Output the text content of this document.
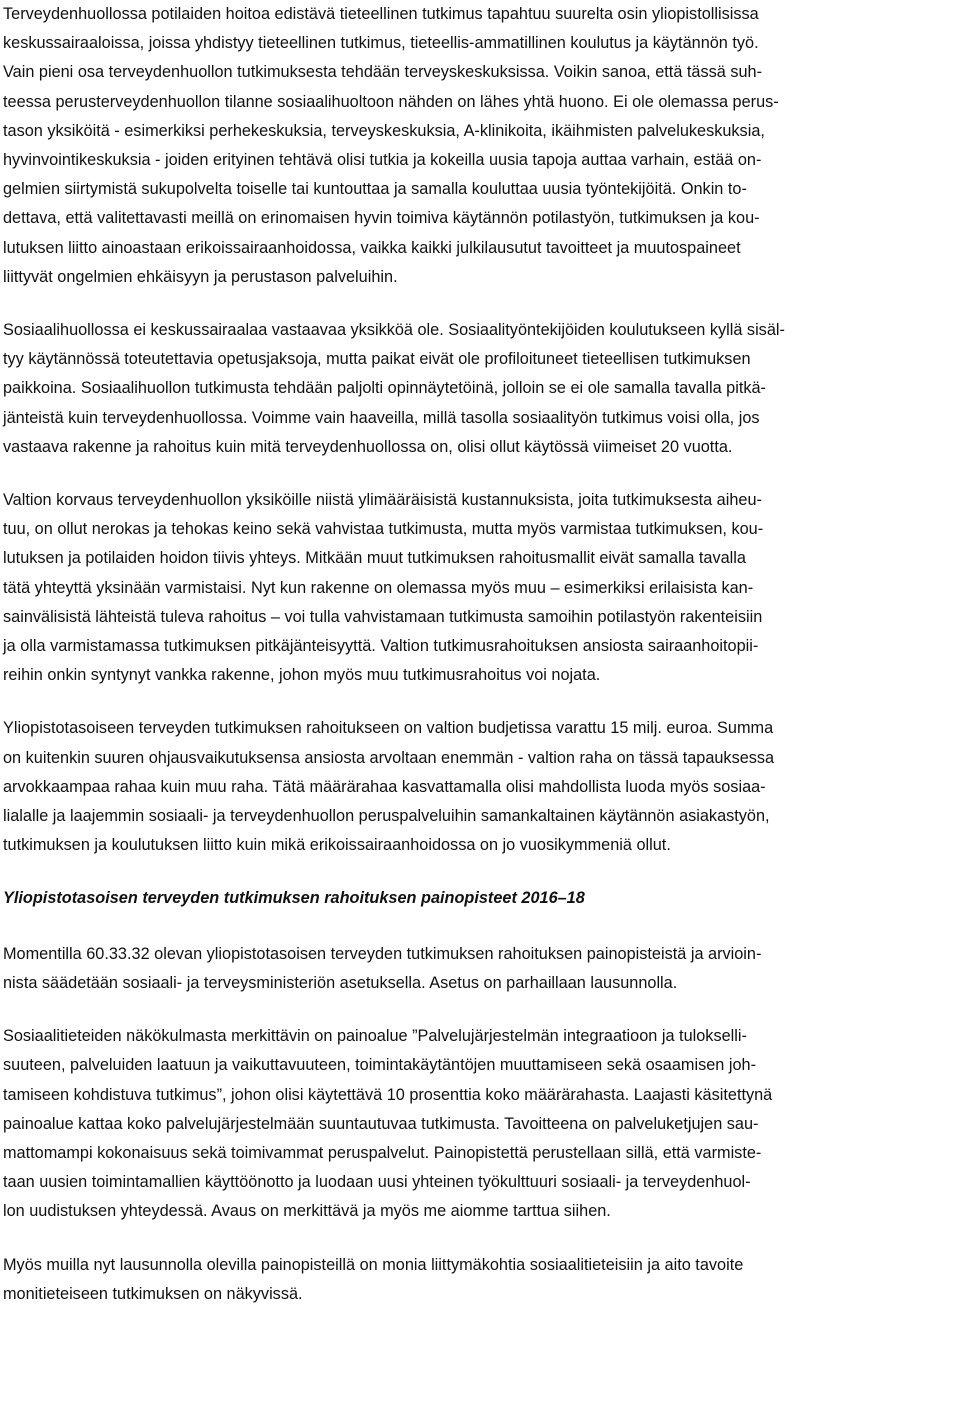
Terveydenhuollossa potilaiden hoitoa edistävä tieteellinen tutkimus tapahtuu suurelta osin yliopistollisissa
keskussairaaloissa, joissa yhdistyy tieteellinen tutkimus, tieteellis-ammatillinen koulutus ja käytännön työ.
Vain pieni osa terveydenhuollon tutkimuksesta tehdään terveyskeskuksissa. Voikin sanoa, että tässä suh-
teessa perusterveydenhuollon tilanne sosiaalihuoltoon nähden on lähes yhtä huono. Ei ole olemassa perus-
tason yksiköitä - esimerkiksi perhekeskuksia, terveyskeskuksia, A-klinikoita, ikäihmisten palvelukeskuksia,
hyvinvointikeskuksia - joiden erityinen tehtävä olisi tutkia ja kokeilla uusia tapoja auttaa varhain, estää on-
gelmien siirtymistä sukupolvelta toiselle tai kuntouttaa ja samalla kouluttaa uusia työntekijöitä. Onkin to-
dettava, että valitettavasti meillä on erinomaisen hyvin toimiva käytännön potilastyön, tutkimuksen ja kou-
lutuksen liitto ainoastaan erikoissairaanhoidossa, vaikka kaikki julkilausutut tavoitteet ja muutospaineet
liittyvät ongelmien ehkäisyyn ja perustason palveluihin.
Sosiaalihuollossa ei keskussairaalaa vastaavaa yksikköä ole. Sosiaalityöntekijöiden koulutukseen kyllä sisäl-
tyy käytännössä toteutettavia opetusjaksoja, mutta paikat eivät ole profiloituneet tieteellisen tutkimuksen
paikkoina. Sosiaalihuollon tutkimusta tehdään paljolti opinnäytetöinä, jolloin se ei ole samalla tavalla pitkä-
jänteistä kuin terveydenhuollossa. Voimme vain haaveilla, millä tasolla sosiaalityön tutkimus voisi olla, jos
vastaava rakenne ja rahoitus kuin mitä terveydenhuollossa on, olisi ollut käytössä viimeiset 20 vuotta.
Valtion korvaus terveydenhuollon yksiköille niistä ylimääräisistä kustannuksista, joita tutkimuksesta aiheu-
tuu, on ollut nerokas ja tehokas keino sekä vahvistaa tutkimusta, mutta myös varmistaa tutkimuksen, kou-
lutuksen ja potilaiden hoidon tiivis yhteys. Mitkään muut tutkimuksen rahoitusmallit eivät samalla tavalla
tätä yhteyttä yksinään varmistaisi. Nyt kun rakenne on olemassa myös muu – esimerkiksi erilaisista kan-
sainvälisistä lähteistä tuleva rahoitus – voi tulla vahvistamaan tutkimusta samoihin potilastyön rakenteisiin
ja olla varmistamassa tutkimuksen pitkäjänteisyyttä. Valtion tutkimusrahoituksen ansiosta sairaanhoitopii-
reihin onkin syntynyt vankka rakenne, johon myös muu tutkimusrahoitus voi nojata.
Yliopistotasoiseen terveyden tutkimuksen rahoitukseen on valtion budjetissa varattu 15 milj. euroa. Summa
on kuitenkin suuren ohjausvaikutuksensa ansiosta arvoltaan enemmän - valtion raha on tässä tapauksessa
arvokkaampaa rahaa kuin muu raha. Tätä määrärahaa kasvattamalla olisi mahdollista luoda myös sosiaa-
lialalle ja laajemmin sosiaali- ja terveydenhuollon peruspalveluihin samankaltainen käytännön asiakastyön,
tutkimuksen ja koulutuksen liitto kuin mikä erikoissairaanhoidossa on jo vuosikymmeniä ollut.
Yliopistotasoisen terveyden tutkimuksen rahoituksen painopisteet 2016–18
Momentilla 60.33.32 olevan yliopistotasoisen terveyden tutkimuksen rahoituksen painopisteistä ja arvioin-
nista säädetään sosiaali- ja terveysministeriön asetuksella. Asetus on parhaillaan lausunnolla.
Sosiaalitieteiden näkökulmasta merkittävin on painoalue ”Palvelujärjestelmän integraatioon ja tulokselli-
suuteen, palveluiden laatuun ja vaikuttavuuteen, toimintakäytäntöjen muuttamiseen sekä osaamisen joh-
tamiseen kohdistuva tutkimus”, johon olisi käytettävä 10 prosenttia koko määrärahasta. Laajasti käsitettynä
painoalue kattaa koko palvelujärjestelmään suuntautuvaa tutkimusta. Tavoitteena on palveluketjujen sau-
mattomampi kokonaisuus sekä toimivammat peruspalvelut. Painopistettä perustellaan sillä, että varmiste-
taan uusien toimintamallien käyttöönotto ja luodaan uusi yhteinen työkulttuuri sosiaali- ja terveydenhuol-
lon uudistuksen yhteydessä. Avaus on merkittävä ja myös me aiomme tarttua siihen.
Myös muilla nyt lausunnolla olevilla painopisteillä on monia liittymäkohtia sosiaalitieteisiin ja aito tavoite
monitieteiseen tutkimuksen on näkyvissä.
